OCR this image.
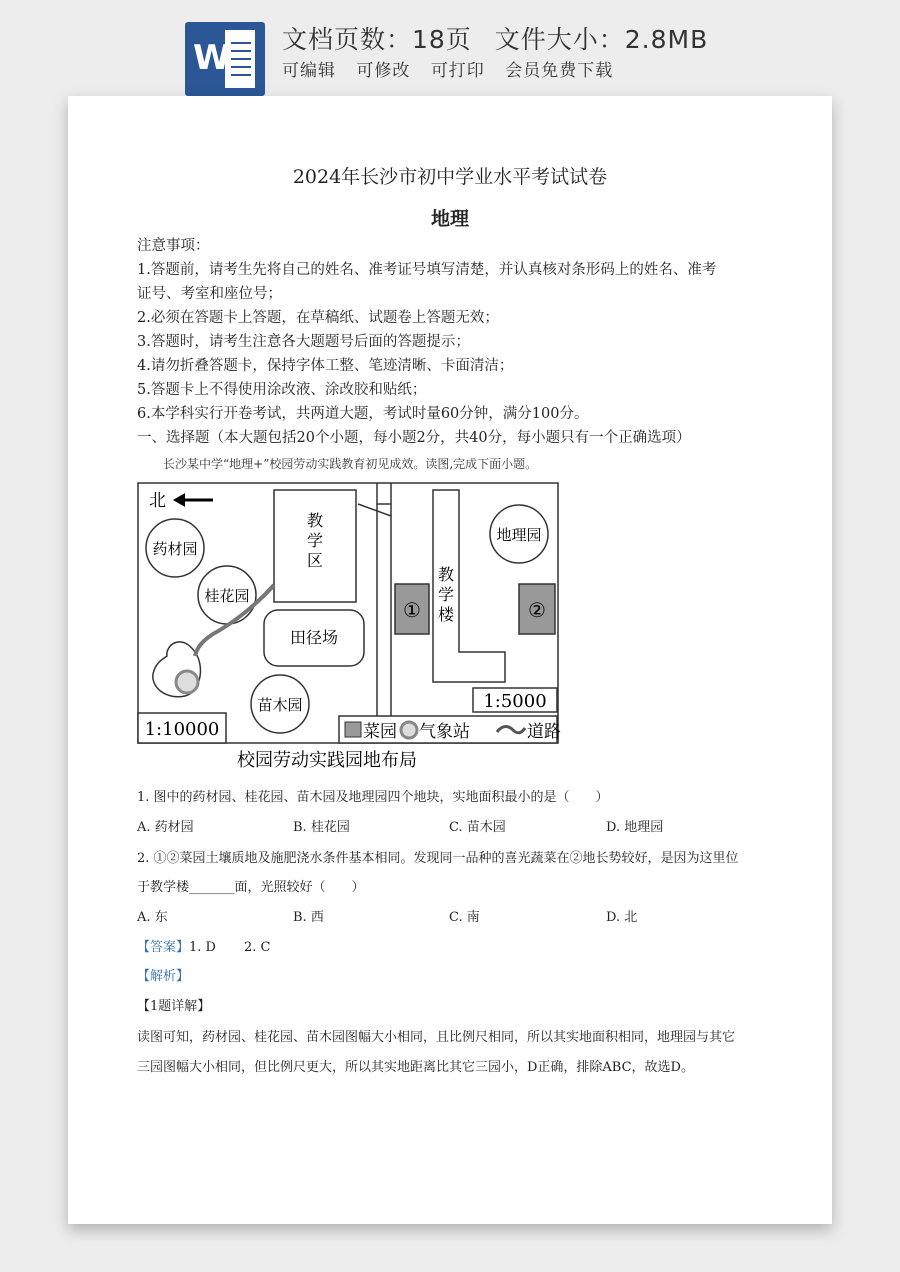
W 文档页数：18页 文件大小：2.8MB
可编辑 可修改 可打印 会员免费下载
2024年长沙市初中学业水平考试试卷
地理
注意事项：
1.答题前，请考生先将自己的姓名、准考证号填写清楚，并认真核对条形码上的姓名、准考
证号、考室和座位号；
2.必须在答题卡上答题，在草稿纸、试题卷上答题无效；
3.答题时，请考生注意各大题题号后面的答题提示；
4.请勿折叠答题卡，保持字体工整、笔迹清晰、卡面清洁；
5.答题卡上不得使用涂改液、涂改胶和贴纸；
6.本学科实行开卷考试，共两道大题，考试时量60分钟，满分100分。
一、选择题（本大题包括20个小题，每小题2分，共40分，每小题只有一个正确选项）
长沙某中学“地理+”校园劳动实践教育初见成效。读图,完成下面小题。
北
药材园
桂花园
苗木园
地理园
教
学
区
田径场
教
学
楼
①	②
1:10000
1:5000
菜园 气象站	道路
校园劳动实践园地布局
1. 图中的药材园、桂花园、苗木园及地理园四个地块，实地面积最小的是（　　）
A. 药材园	B. 桂花园	C. 苗木园	D. 地理园
2. ①②菜园土壤质地及施肥浇水条件基本相同。发现同一品种的喜光蔬菜在②地长势较好，是因为这里位
于教学楼_______面，光照较好（　　）
A. 东	B. 西	C. 南	D. 北
【答案】1. D 2. C
【解析】
【1题详解】
读图可知，药材园、桂花园、苗木园图幅大小相同，且比例尺相同，所以其实地面积相同，地理园与其它
三园图幅大小相同，但比例尺更大，所以其实地距离比其它三园小，D正确，排除ABC，故选D。
